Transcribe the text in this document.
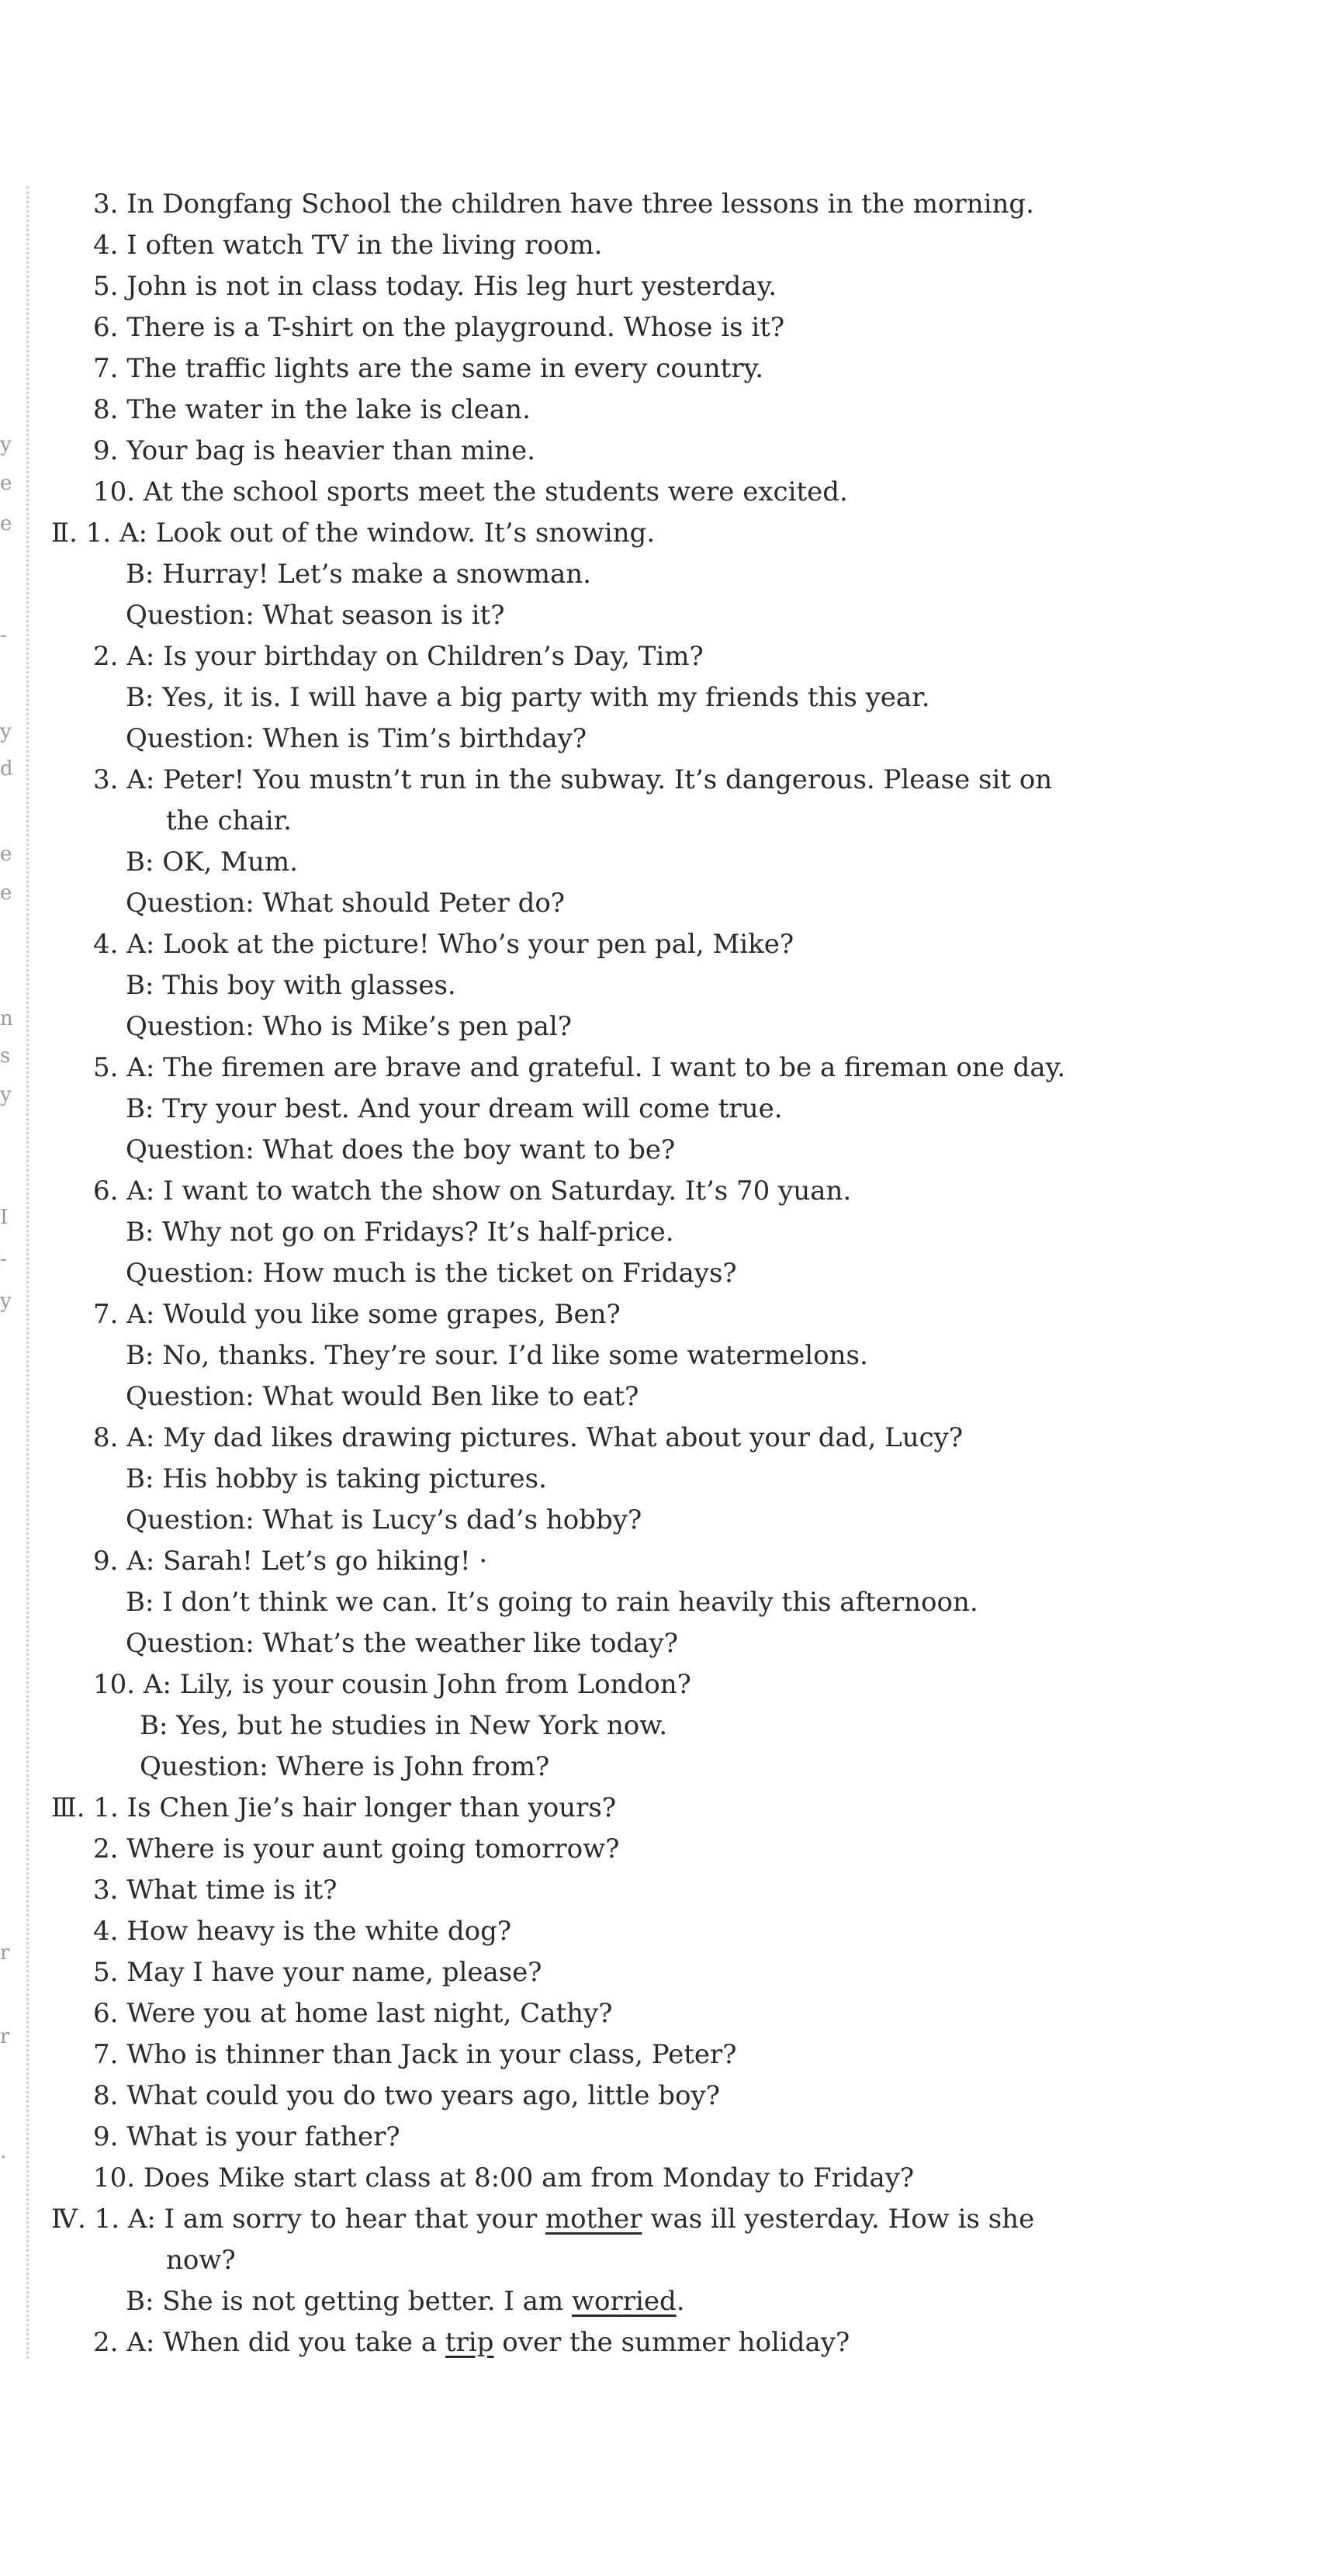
y
e
e
-
y
d
e
e
n
s
y
I
-
y
r
r
.
3. In Dongfang School the children have three lessons in the morning.
4. I often watch TV in the living room.
5. John is not in class today. His leg hurt yesterday.
6. There is a T-shirt on the playground. Whose is it?
7. The traffic lights are the same in every country.
8. The water in the lake is clean.
9. Your bag is heavier than mine.
10. At the school sports meet the students were excited.
Ⅱ. 1. A: Look out of the window. It’s snowing.
B: Hurray! Let’s make a snowman.
Question: What season is it?
2. A: Is your birthday on Children’s Day, Tim?
B: Yes, it is. I will have a big party with my friends this year.
Question: When is Tim’s birthday?
3. A: Peter! You mustn’t run in the subway. It’s dangerous. Please sit on
the chair.
B: OK, Mum.
Question: What should Peter do?
4. A: Look at the picture! Who’s your pen pal, Mike?
B: This boy with glasses.
Question: Who is Mike’s pen pal?
5. A: The firemen are brave and grateful. I want to be a fireman one day.
B: Try your best. And your dream will come true.
Question: What does the boy want to be?
6. A: I want to watch the show on Saturday. It’s 70 yuan.
B: Why not go on Fridays? It’s half-price.
Question: How much is the ticket on Fridays?
7. A: Would you like some grapes, Ben?
B: No, thanks. They’re sour. I’d like some watermelons.
Question: What would Ben like to eat?
8. A: My dad likes drawing pictures. What about your dad, Lucy?
B: His hobby is taking pictures.
Question: What is Lucy’s dad’s hobby?
9. A: Sarah! Let’s go hiking! ·
B: I don’t think we can. It’s going to rain heavily this afternoon.
Question: What’s the weather like today?
10. A: Lily, is your cousin John from London?
B: Yes, but he studies in New York now.
Question: Where is John from?
Ⅲ. 1. Is Chen Jie’s hair longer than yours?
2. Where is your aunt going tomorrow?
3. What time is it?
4. How heavy is the white dog?
5. May I have your name, please?
6. Were you at home last night, Cathy?
7. Who is thinner than Jack in your class, Peter?
8. What could you do two years ago, little boy?
9. What is your father?
10. Does Mike start class at 8:00 am from Monday to Friday?
Ⅳ. 1. A: I am sorry to hear that your mother was ill yesterday. How is she
now?
B: She is not getting better. I am worried.
2. A: When did you take a trip over the summer holiday?
